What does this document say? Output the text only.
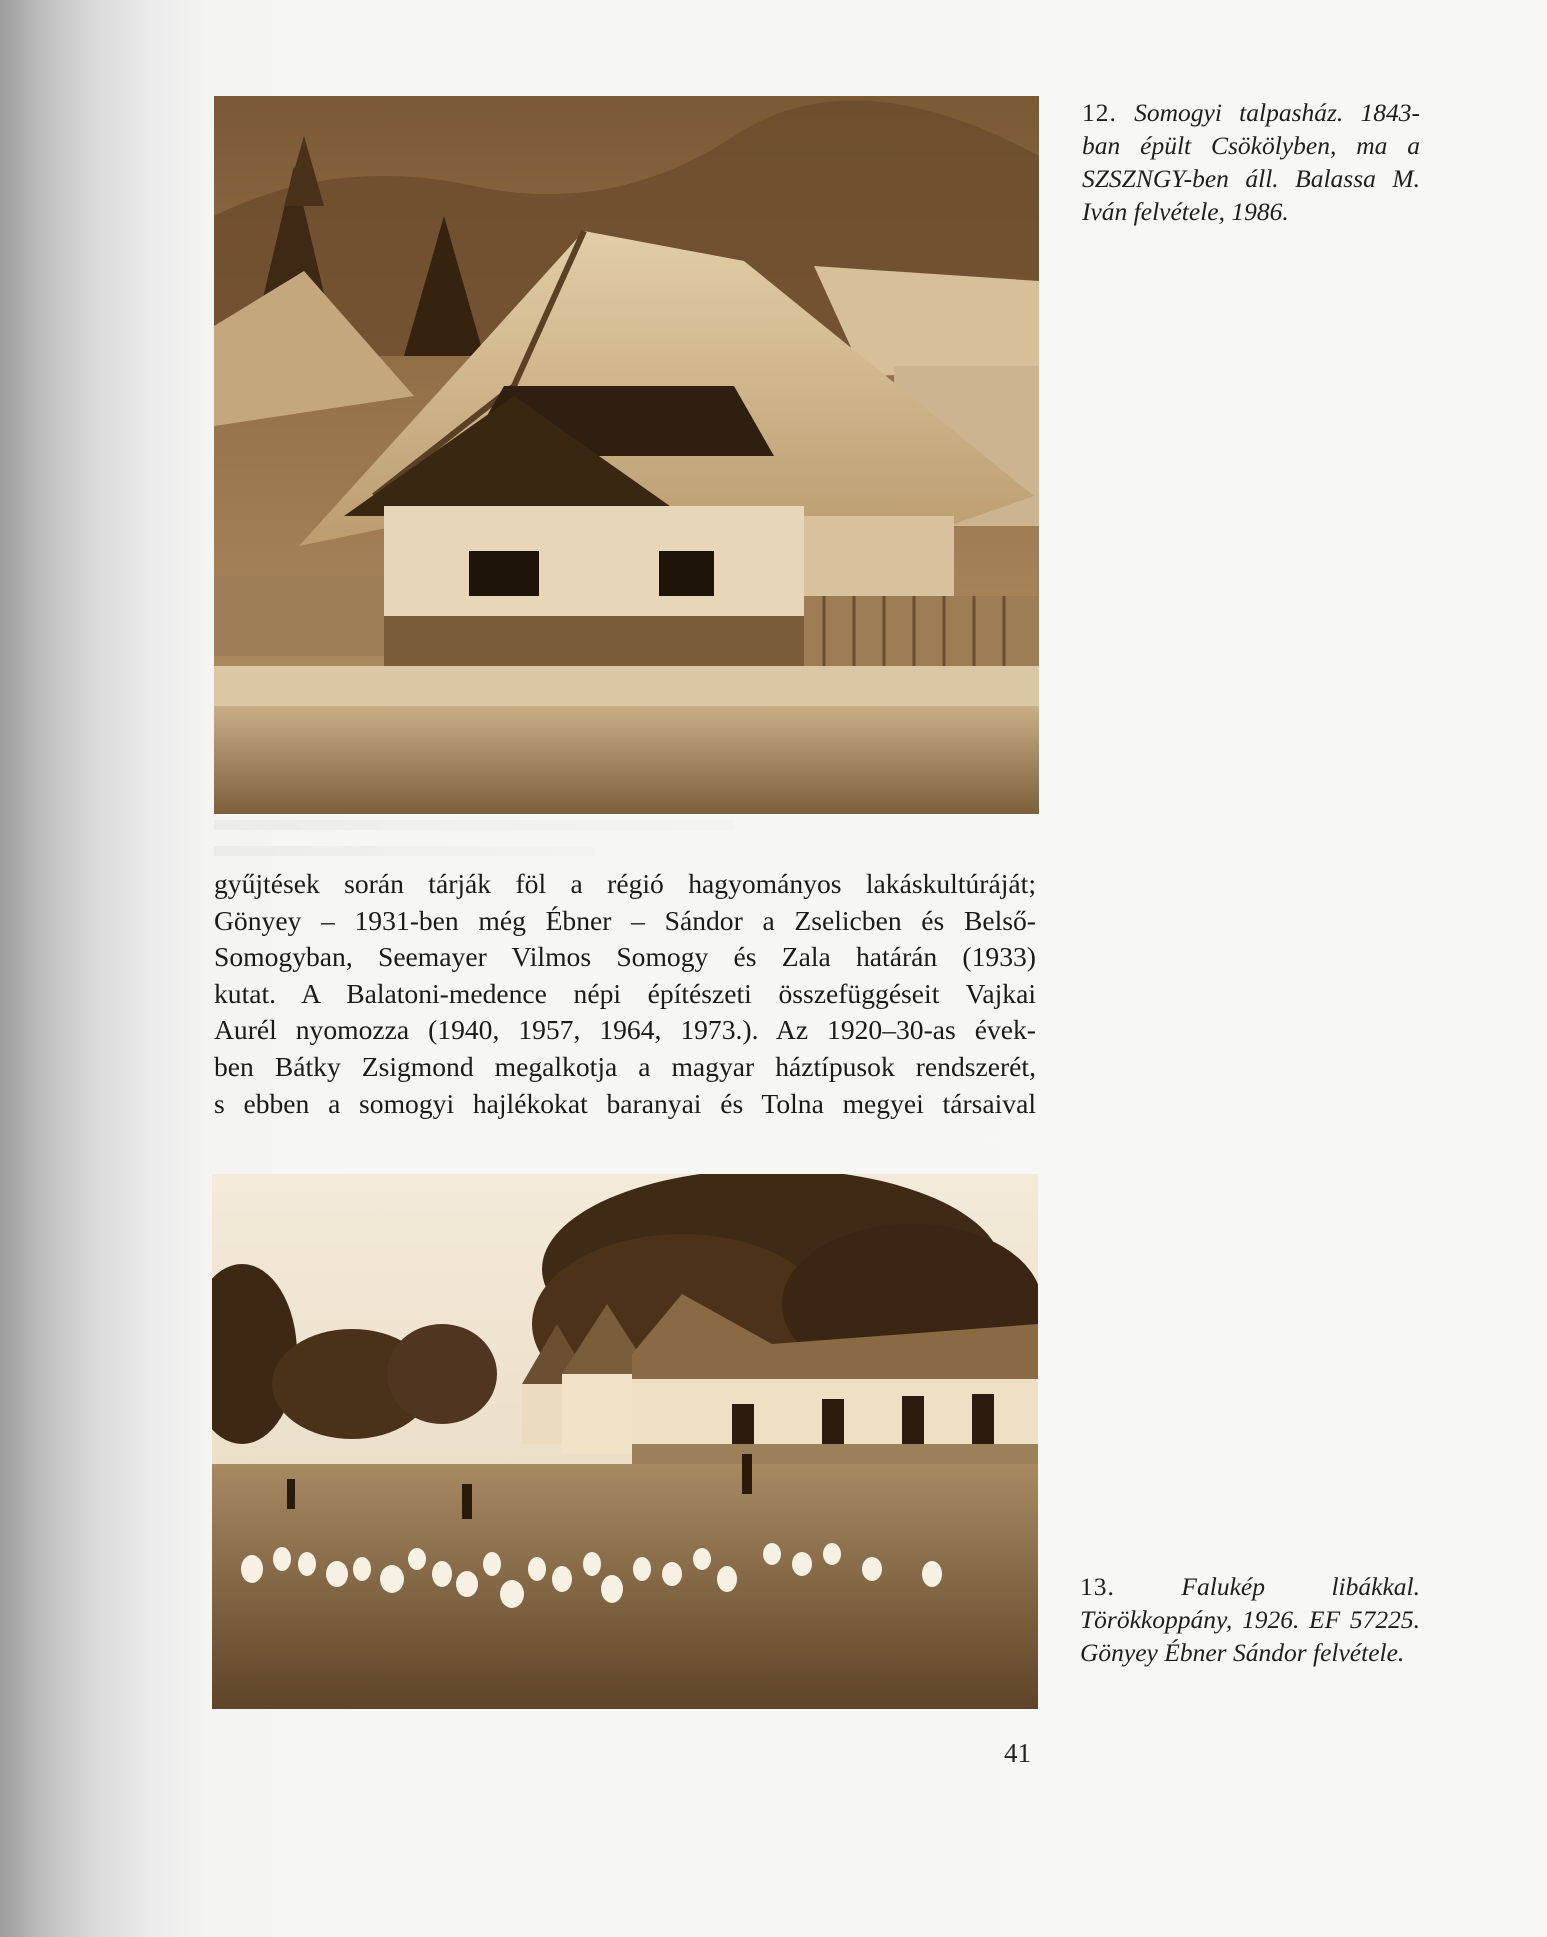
12. Somogyi talpasház. 1843-ban épült Csökölyben, ma a SZSZNGY-ben áll. Balassa M. Iván felvétele, 1986.
gyűjtések során tárják föl a régió hagyományos lakáskultúráját;
Gönyey – 1931-ben még Ébner – Sándor a Zselicben és Belső-
Somogyban, Seemayer Vilmos Somogy és Zala határán (1933)
kutat. A Balatoni-medence népi építészeti összefüggéseit Vajkai
Aurél nyomozza (1940, 1957, 1964, 1973.). Az 1920–30-as évek-
ben Bátky Zsigmond megalkotja a magyar háztípusok rendszerét,
s ebben a somogyi hajlékokat baranyai és Tolna megyei társaival
13.	Falukép libákkal. Törökkoppány, 1926. EF 57225. Gönyey Ébner Sándor felvétele.
41
